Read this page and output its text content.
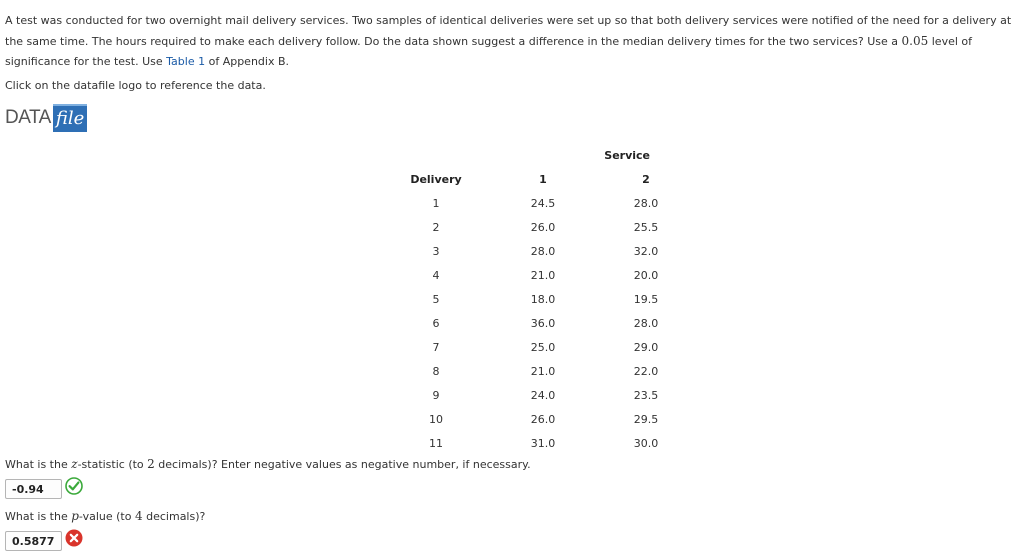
A test was conducted for two overnight mail delivery services. Two samples of identical deliveries were set up so that both delivery services were notified of the need for a delivery at the same time. The hours required to make each delivery follow. Do the data shown suggest a difference in the median delivery times for the two services? Use a 0.05 level of significance for the test. Use Table 1 of Appendix B.
Click on the datafile logo to reference the data.
DATA file
	Service	
Delivery	1	2
1	24.5	28.0
2	26.0	25.5
3	28.0	32.0
4	21.0	20.0
5	18.0	19.5
6	36.0	28.0
7	25.0	29.0
8	21.0	22.0
9	24.0	23.5
10	26.0	29.5
11	31.0	30.0
What is the z-statistic (to 2 decimals)? Enter negative values as negative number, if necessary.
-0.94
What is the p-value (to 4 decimals)?
0.5877
